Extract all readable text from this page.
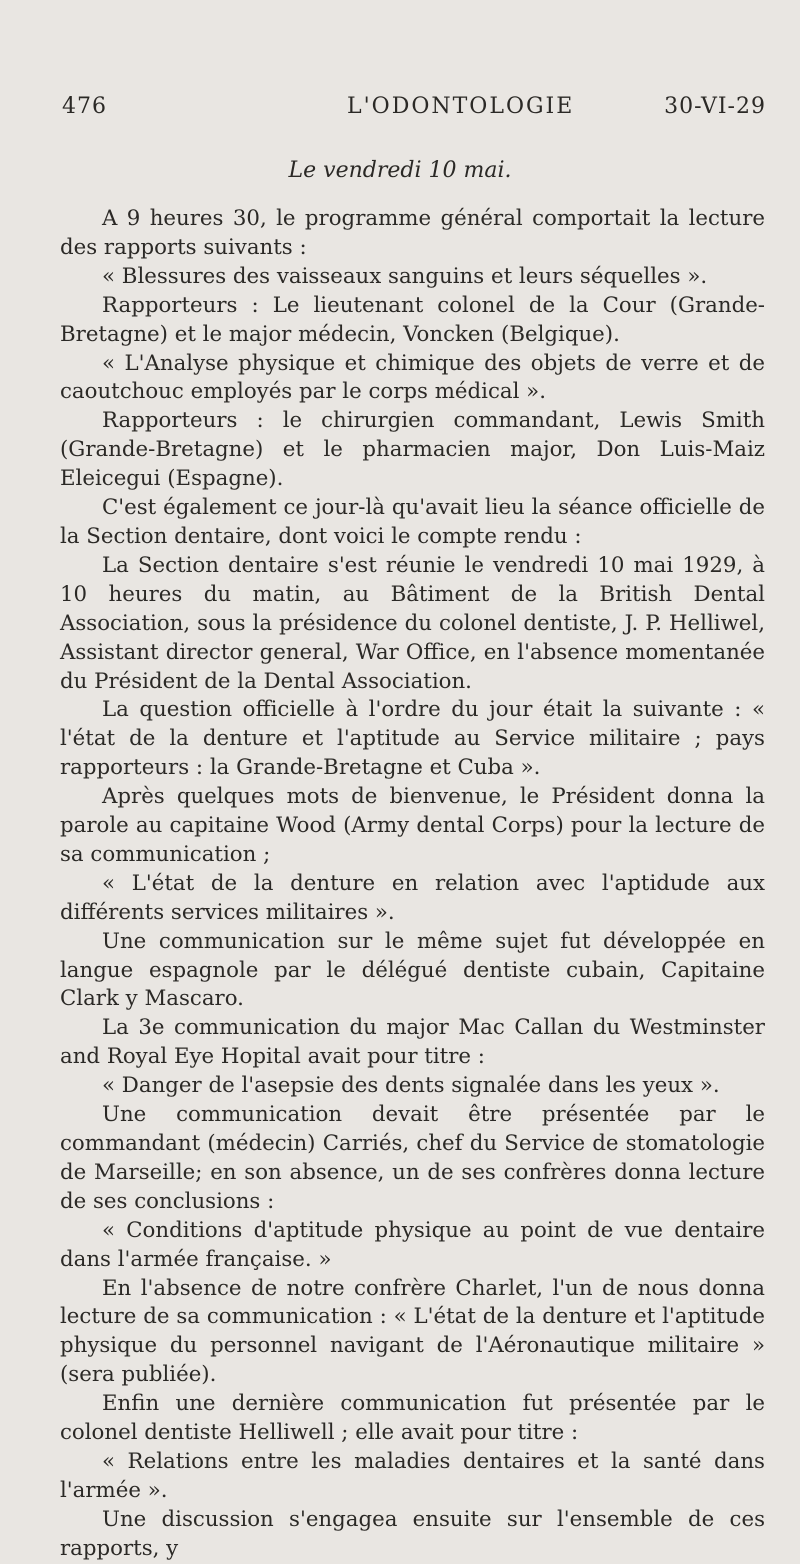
476	L'ODONTOLOGIE	30-VI-29
Le vendredi 10 mai.

A 9 heures 30, le programme général comportait la lecture des rapports suivants :

« Blessures des vaisseaux sanguins et leurs séquelles ».

Rapporteurs : Le lieutenant colonel de la Cour (Grande-Bretagne) et le major médecin, Voncken (Belgique).

« L'Analyse physique et chimique des objets de verre et de caoutchouc employés par le corps médical ».

Rapporteurs : le chirurgien commandant, Lewis Smith (Grande-Bretagne) et le pharmacien major, Don Luis-Maiz Eleicegui (Espagne).

C'est également ce jour-là qu'avait lieu la séance officielle de la Section dentaire, dont voici le compte rendu :

La Section dentaire s'est réunie le vendredi 10 mai 1929, à 10 heures du matin, au Bâtiment de la British Dental Association, sous la présidence du colonel dentiste, J. P. Helliwel, Assistant director general, War Office, en l'absence momentanée du Président de la Dental Association.

La question officielle à l'ordre du jour était la suivante : « l'état de la denture et l'aptitude au Service militaire ; pays rapporteurs : la Grande-Bretagne et Cuba ».

Après quelques mots de bienvenue, le Président donna la parole au capitaine Wood (Army dental Corps) pour la lecture de sa communication ;

« L'état de la denture en relation avec l'aptidude aux différents services militaires ».

Une communication sur le même sujet fut développée en langue espagnole par le délégué dentiste cubain, Capitaine Clark y Mascaro.

La 3e communication du major Mac Callan du Westminster and Royal Eye Hopital avait pour titre :

« Danger de l'asepsie des dents signalée dans les yeux ».

Une communication devait être présentée par le commandant (médecin) Carriés, chef du Service de stomatologie de Marseille; en son absence, un de ses confrères donna lecture de ses conclusions :

« Conditions d'aptitude physique au point de vue dentaire dans l'armée française. »

En l'absence de notre confrère Charlet, l'un de nous donna lecture de sa communication : « L'état de la denture et l'aptitude physique du personnel navigant de l'Aéronautique militaire » (sera publiée).

Enfin une dernière communication fut présentée par le colonel dentiste Helliwell ; elle avait pour titre :

« Relations entre les maladies dentaires et la santé dans l'armée ».

Une discussion s'engagea ensuite sur l'ensemble de ces rapports, y
